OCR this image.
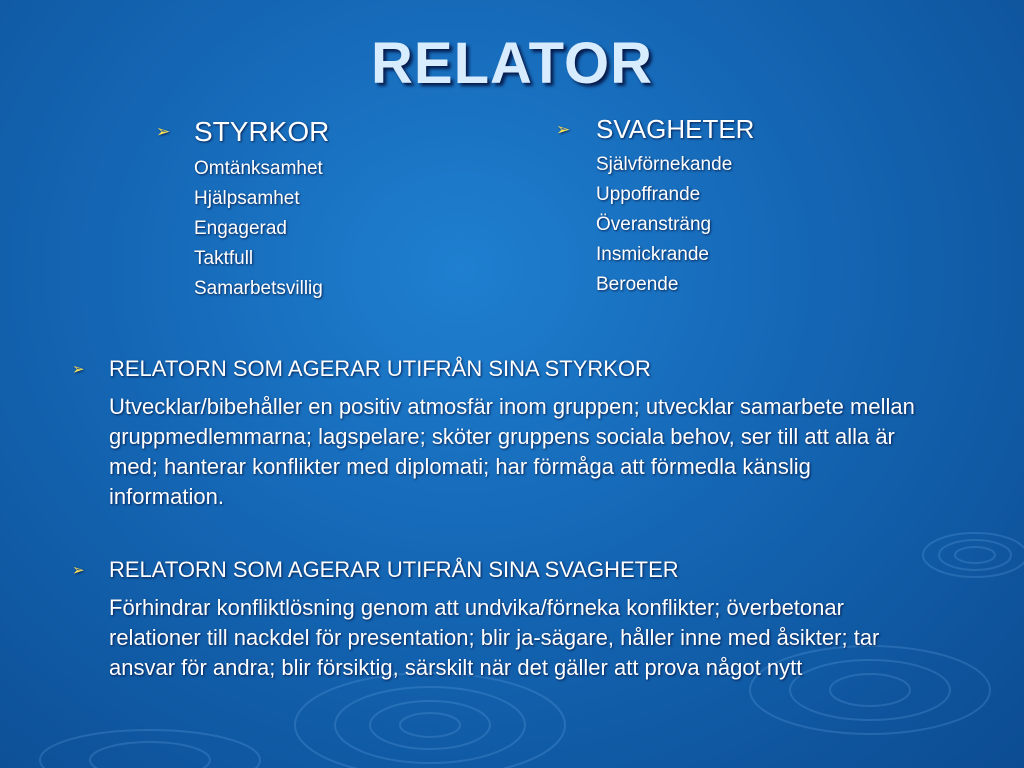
RELATOR
➢ STYRKOR
Omtänksamhet
Hjälpsamhet
Engagerad
Taktfull
Samarbetsvillig
➢ SVAGHETER
Självförnekande
Uppoffrande
Överansträng
Insmickrande
Beroende
➢	RELATORN SOM AGERAR UTIFRÅN SINA STYRKOR
Utvecklar/bibehåller en positiv atmosfär inom gruppen; utvecklar samarbete mellan gruppmedlemmarna; lagspelare; sköter gruppens sociala behov, ser till att alla är med; hanterar konflikter med diplomati; har förmåga att förmedla känslig information.
➢	RELATORN SOM AGERAR UTIFRÅN SINA SVAGHETER
Förhindrar konfliktlösning genom att undvika/förneka konflikter; överbetonar relationer till nackdel för presentation; blir ja-sägare, håller inne med åsikter; tar ansvar för andra; blir försiktig, särskilt när det gäller att prova något nytt
